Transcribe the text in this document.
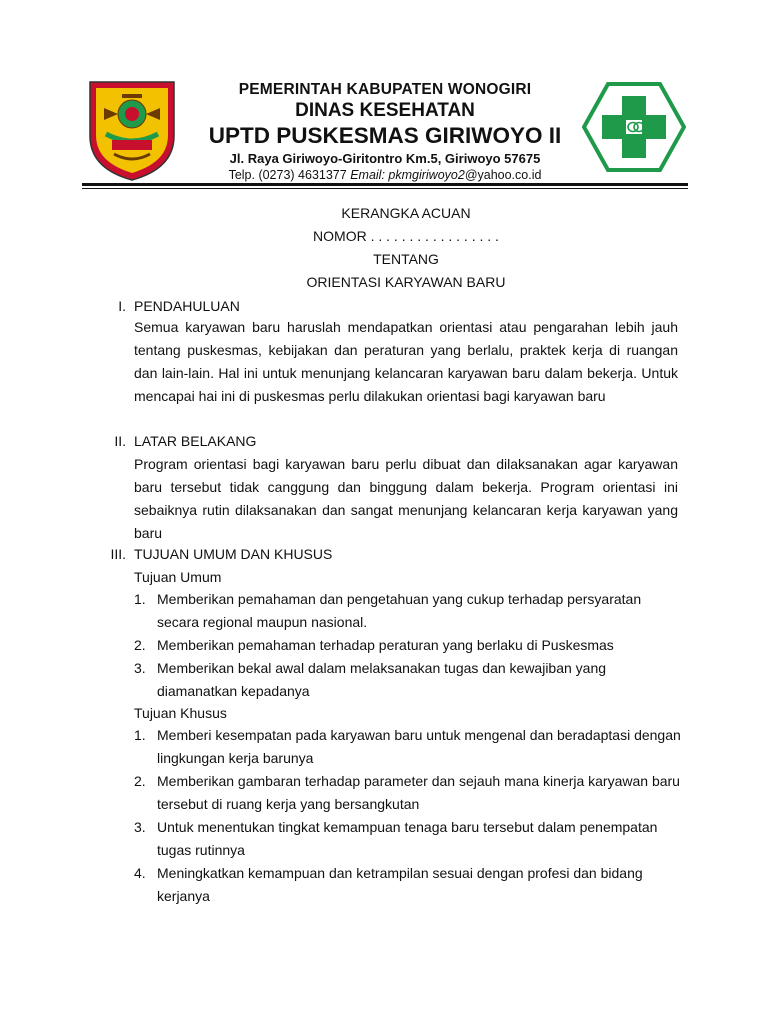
PEMERINTAH KABUPATEN WONOGIRI
DINAS KESEHATAN
UPTD PUSKESMAS GIRIWOYO II
Jl. Raya Giriwoyo-Giritontro Km.5, Giriwoyo 57675
Telp. (0273) 4631377 Email: pkmgiriwoyo2@yahoo.co.id
KERANGKA ACUAN
NOMOR . . . . . . . . . . . . . . . . .
TENTANG
ORIENTASI KARYAWAN BARU
I. PENDAHULUAN
Semua karyawan baru haruslah mendapatkan orientasi atau pengarahan lebih jauh tentang puskesmas, kebijakan dan peraturan yang berlalu, praktek kerja di ruangan dan lain-lain. Hal ini untuk menunjang kelancaran karyawan baru dalam bekerja. Untuk mencapai hai ini di puskesmas perlu dilakukan orientasi bagi karyawan baru
II. LATAR BELAKANG
Program orientasi bagi karyawan baru perlu dibuat dan dilaksanakan agar karyawan baru tersebut tidak canggung dan binggung dalam bekerja. Program orientasi ini sebaiknya rutin dilaksanakan dan sangat menunjang kelancaran kerja karyawan yang baru
III. TUJUAN UMUM DAN KHUSUS
Tujuan Umum
1. Memberikan pemahaman dan pengetahuan yang cukup terhadap persyaratan secara regional maupun nasional.
2. Memberikan pemahaman terhadap peraturan yang berlaku di Puskesmas
3. Memberikan bekal awal dalam melaksanakan tugas dan kewajiban yang diamanatkan kepadanya
Tujuan Khusus
1. Memberi kesempatan pada karyawan baru untuk mengenal dan beradaptasi dengan lingkungan kerja barunya
2. Memberikan gambaran terhadap parameter dan sejauh mana kinerja karyawan baru tersebut di ruang kerja yang bersangkutan
3. Untuk menentukan tingkat kemampuan tenaga baru tersebut dalam penempatan tugas rutinnya
4. Meningkatkan kemampuan dan ketrampilan sesuai dengan profesi dan bidang kerjanya
